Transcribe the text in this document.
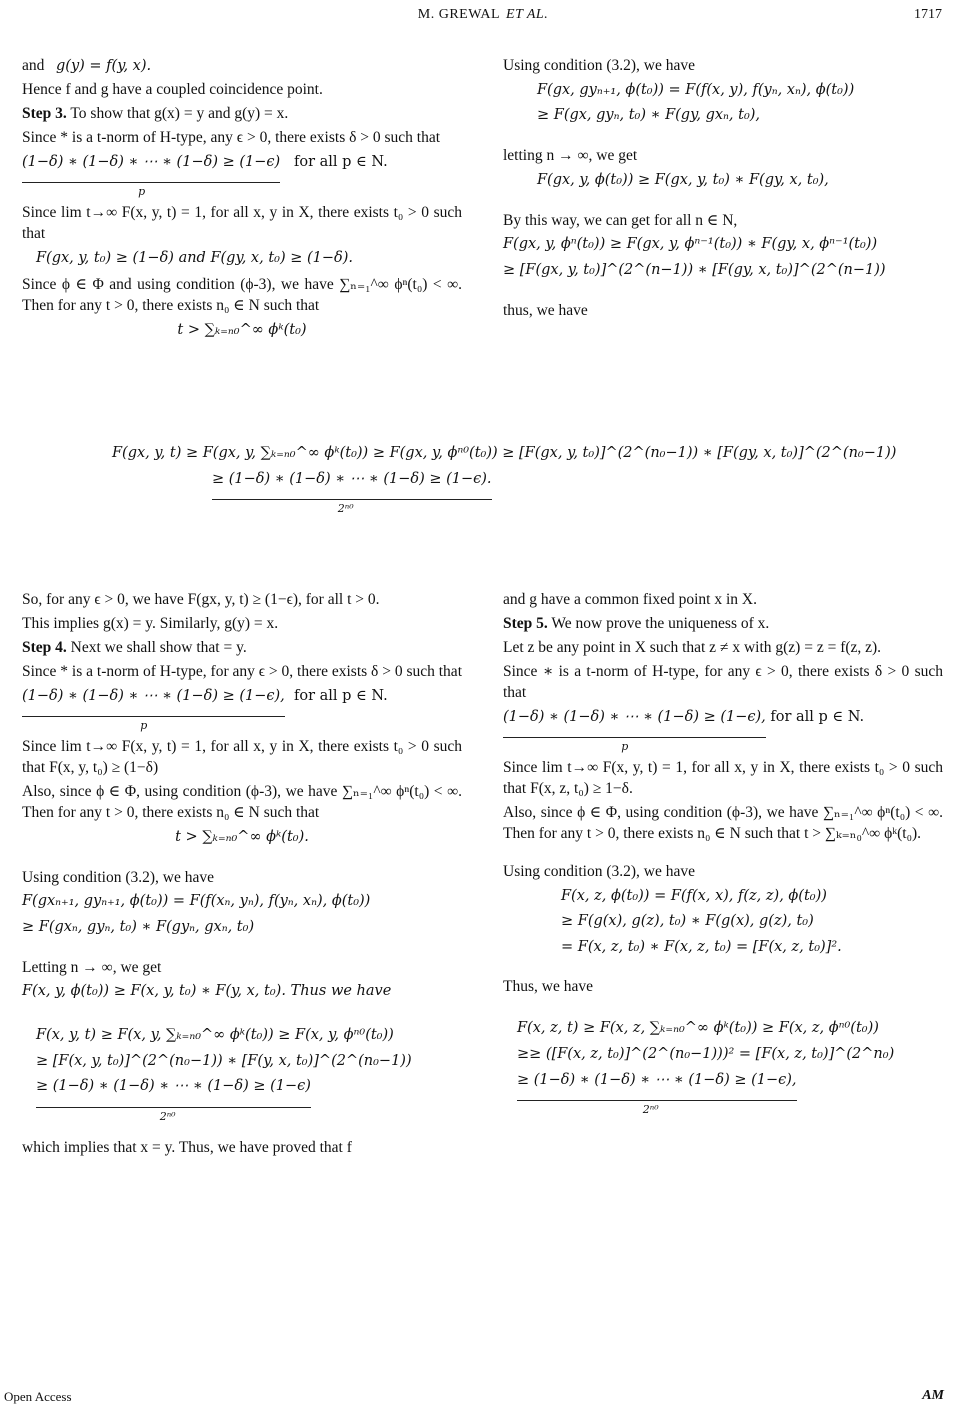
M. GREWAL ET AL.	1717

and g(y) = f(y, x).

Hence f and g have a coupled coincidence point.

Step 3. To show that g(x) = y and g(y) = x.

Since * is a t-norm of H-type, any ϵ > 0, there exists δ > 0 such that

(1−δ) ∗ (1−δ) ∗ ⋯ ∗ (1−δ) ≥ (1−ϵ)
p
for all p ∈ N.

Since lim t→∞ F(x, y, t) = 1, for all x, y in X, there exists t₀ > 0 such that

F(gx, y, t₀) ≥ (1−δ) and F(gy, x, t₀) ≥ (1−δ).

Since ϕ ∈ Φ and using condition (ϕ-3), we have ∑ₙ₌₁^∞ ϕⁿ(t₀) < ∞. Then for any t > 0, there exists n₀ ∈ N such that

t > ∑ₖ₌ₙ₀^∞ ϕᵏ(t₀)

Using condition (3.2), we have

F(gx, gyₙ₊₁, ϕ(t₀)) = F(f(x, y), f(yₙ, xₙ), ϕ(t₀))
≥ F(gx, gyₙ, t₀) ∗ F(gy, gxₙ, t₀),

letting n → ∞, we get

F(gx, y, ϕ(t₀)) ≥ F(gx, y, t₀) ∗ F(gy, x, t₀),

By this way, we can get for all n ∈ N,

F(gx, y, ϕⁿ(t₀)) ≥ F(gx, y, ϕⁿ⁻¹(t₀)) ∗ F(gy, x, ϕⁿ⁻¹(t₀))
≥ [F(gx, y, t₀)]^(2^(n−1)) ∗ [F(gy, x, t₀)]^(2^(n−1))

thus, we have

F(gx, y, t) ≥ F(gx, y, ∑ₖ₌ₙ₀^∞ ϕᵏ(t₀)) ≥ F(gx, y, ϕⁿ⁰(t₀)) ≥ [F(gx, y, t₀)]^(2^(n₀−1)) ∗ [F(gy, x, t₀)]^(2^(n₀−1))
≥ (1−δ) ∗ (1−δ) ∗ ⋯ ∗ (1−δ) ≥ (1−ϵ).
2ⁿ⁰

So, for any ϵ > 0, we have F(gx, y, t) ≥ (1−ϵ), for all t > 0.

This implies g(x) = y. Similarly, g(y) = x.

Step 4. Next we shall show that = y.

Since * is a t-norm of H-type, for any ϵ > 0, there exists δ > 0 such that

(1−δ) ∗ (1−δ) ∗ ⋯ ∗ (1−δ) ≥ (1−ϵ),
p
for all p ∈ N.

Since lim t→∞ F(x, y, t) = 1, for all x, y in X, there exists t₀ > 0 such that F(x, y, t₀) ≥ (1−δ)

Also, since ϕ ∈ Φ, using condition (ϕ-3), we have ∑ₙ₌₁^∞ ϕⁿ(t₀) < ∞. Then for any t > 0, there exists n₀ ∈ N such that

t > ∑ₖ₌ₙ₀^∞ ϕᵏ(t₀).

Using condition (3.2), we have

F(gxₙ₊₁, gyₙ₊₁, ϕ(t₀)) = F(f(xₙ, yₙ), f(yₙ, xₙ), ϕ(t₀))
≥ F(gxₙ, gyₙ, t₀) ∗ F(gyₙ, gxₙ, t₀)

Letting n → ∞, we get

F(x, y, ϕ(t₀)) ≥ F(x, y, t₀) ∗ F(y, x, t₀). Thus we have
F(x, y, t) ≥ F(x, y, ∑ₖ₌ₙ₀^∞ ϕᵏ(t₀)) ≥ F(x, y, ϕⁿ⁰(t₀))
≥ [F(x, y, t₀)]^(2^(n₀−1)) ∗ [F(y, x, t₀)]^(2^(n₀−1))
≥ (1−δ) ∗ (1−δ) ∗ ⋯ ∗ (1−δ) ≥ (1−ϵ)
2ⁿ⁰

which implies that x = y. Thus, we have proved that f

and g have a common fixed point x in X.

Step 5. We now prove the uniqueness of x.

Let z be any point in X such that z ≠ x with g(z) = z = f(z, z).

Since ∗ is a t-norm of H-type, for any ϵ > 0, there exists δ > 0 such that

(1−δ) ∗ (1−δ) ∗ ⋯ ∗ (1−δ) ≥ (1−ϵ),
p
for all p ∈ N.

Since lim t→∞ F(x, y, t) = 1, for all x, y in X, there exists t₀ > 0 such that F(x, z, t₀) ≥ 1−δ.

Also, since ϕ ∈ Φ, using condition (ϕ-3), we have ∑ₙ₌₁^∞ ϕⁿ(t₀) < ∞. Then for any t > 0, there exists n₀ ∈ N such that t > ∑ₖ₌ₙ₀^∞ ϕᵏ(t₀).

Using condition (3.2), we have

F(x, z, ϕ(t₀)) = F(f(x, x), f(z, z), ϕ(t₀))
≥ F(g(x), g(z), t₀) ∗ F(g(x), g(z), t₀)
= F(x, z, t₀) ∗ F(x, z, t₀) = [F(x, z, t₀)]².

Thus, we have

F(x, z, t) ≥ F(x, z, ∑ₖ₌ₙ₀^∞ ϕᵏ(t₀)) ≥ F(x, z, ϕⁿ⁰(t₀))
≥≥ ([F(x, z, t₀)]^(2^(n₀−1)))² = [F(x, z, t₀)]^(2^n₀)
≥ (1−δ) ∗ (1−δ) ∗ ⋯ ∗ (1−δ) ≥ (1−ϵ),
2ⁿ⁰
Open Access	AM
